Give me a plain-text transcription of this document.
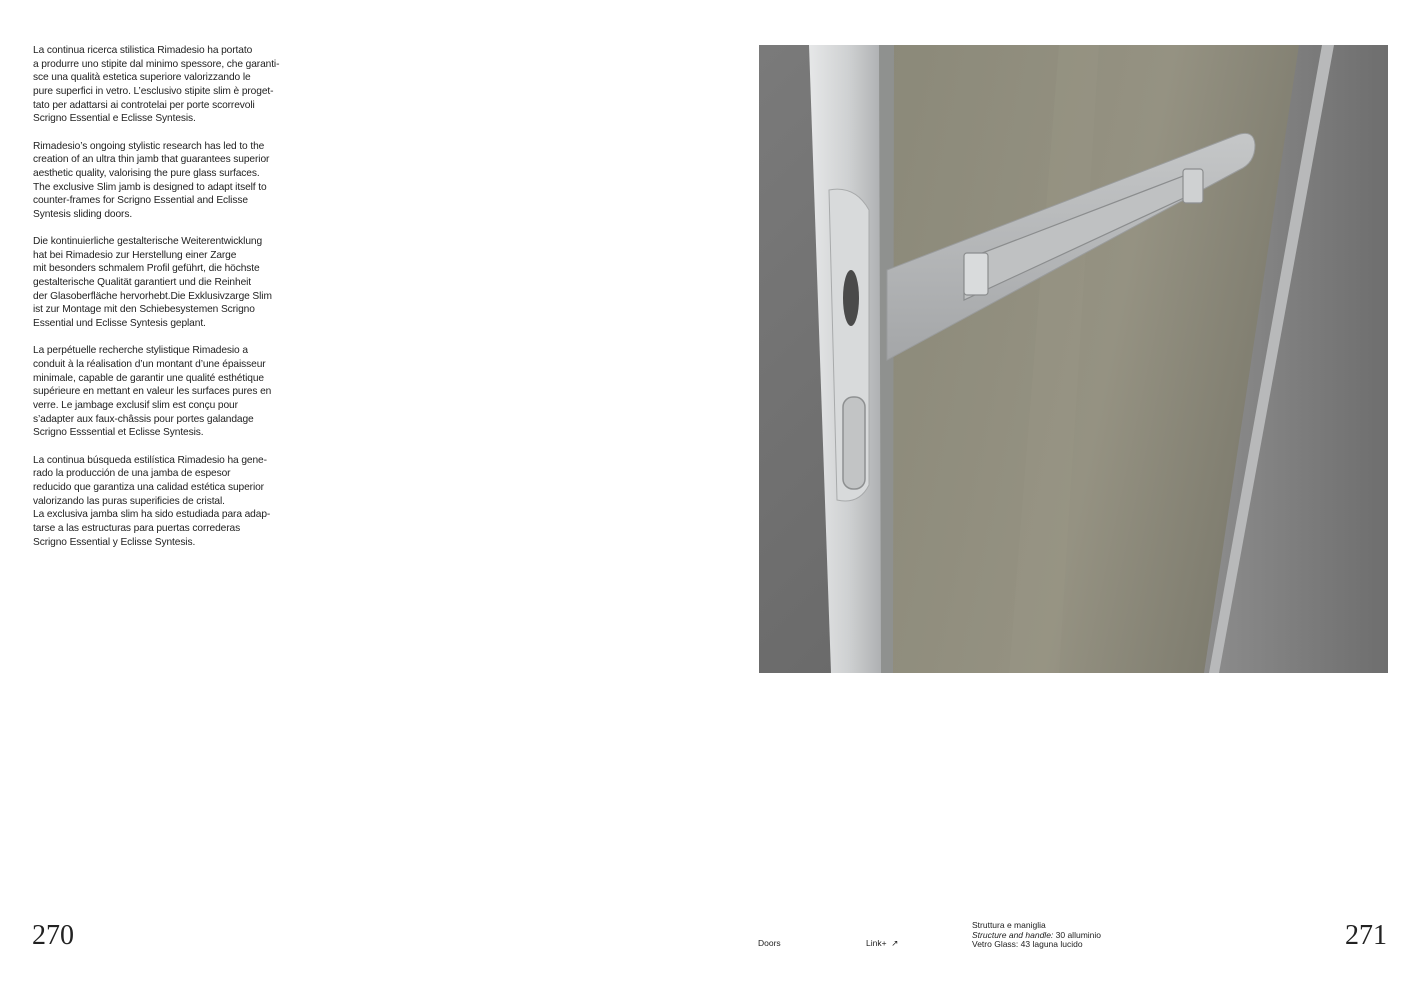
La continua ricerca stilistica Rimadesio ha portato
a produrre uno stipite dal minimo spessore, che garanti-
sce una qualità estetica superiore valorizzando le
pure superfici in vetro. L’esclusivo stipite slim è proget-
tato per adattarsi ai controtelai per porte scorrevoli
Scrigno Essential e Eclisse Syntesis.

Rimadesio’s ongoing stylistic research has led to the
creation of an ultra thin jamb that guarantees superior
aesthetic quality, valorising the pure glass surfaces.
The exclusive Slim jamb is designed to adapt itself to
counter-frames for Scrigno Essential and Eclisse
Syntesis sliding doors.

Die kontinuierliche gestalterische Weiterentwicklung
hat bei Rimadesio zur Herstellung einer Zarge
mit besonders schmalem Profil geführt, die höchste
gestalterische Qualität garantiert und die Reinheit
der Glasoberfläche hervorhebt.Die Exklusivzarge Slim
ist zur Montage mit den Schiebesystemen Scrigno
Essential und Eclisse Syntesis geplant.

La perpétuelle recherche stylistique Rimadesio a
conduit à la réalisation d’un montant d’une épaisseur
minimale, capable de garantir une qualité esthétique
supérieure en mettant en valeur les surfaces pures en
verre. Le jambage exclusif slim est conçu pour
s’adapter aux faux-châssis pour portes galandage
Scrigno Esssential et Eclisse Syntesis.

La continua búsqueda estilística Rimadesio ha gene-
rado la producción de una jamba de espesor
reducido que garantiza una calidad estética superior
valorizando las puras superificies de cristal.
La exclusiva jamba slim ha sido estudiada para adap-
tarse a las estructuras para puertas correderas
Scrigno Essential y Eclisse Syntesis.

270	271
Doors	Link+  ↗
Struttura e maniglia
Structure and handle: 30 alluminio
Vetro Glass: 43 laguna lucido
